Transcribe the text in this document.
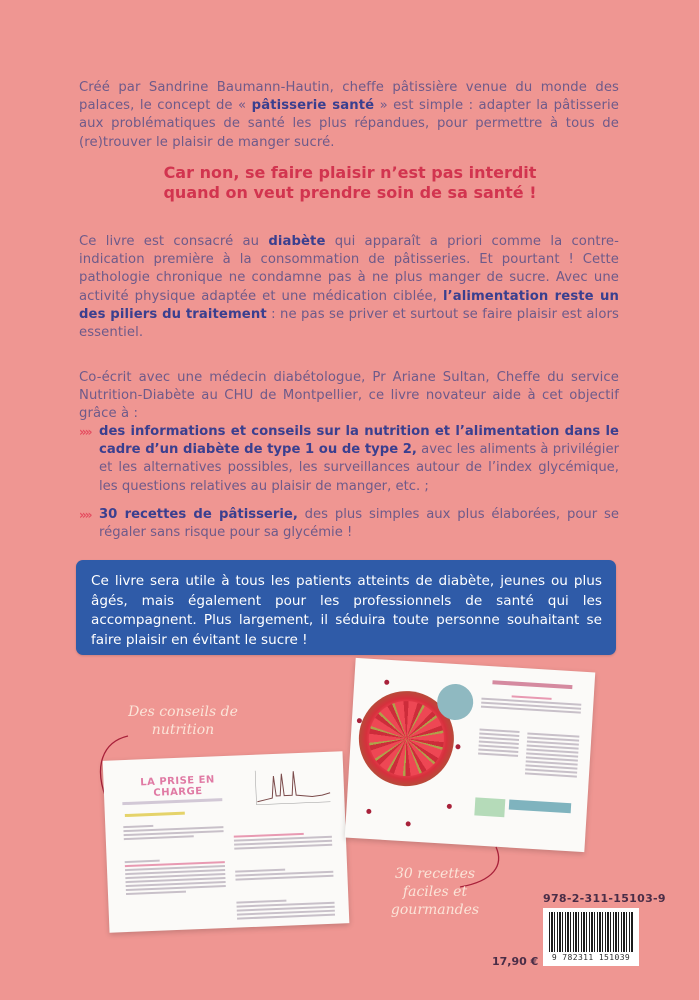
Créé par Sandrine Baumann-Hautin, cheffe pâtissière venue du monde des palaces, le concept de « pâtisserie santé » est simple : adapter la pâtisserie aux problématiques de santé les plus répandues, pour permettre à tous de (re)trouver le plaisir de manger sucré.
Car non, se faire plaisir n’est pas interdit
quand on veut prendre soin de sa santé !
Ce livre est consacré au diabète qui apparaît a priori comme la contre-indication première à la consommation de pâtisseries. Et pourtant ! Cette pathologie chronique ne condamne pas à ne plus manger de sucre. Avec une activité physique adaptée et une médication ciblée, l’alimentation reste un des piliers du traitement : ne pas se priver et surtout se faire plaisir est alors essentiel.
Co-écrit avec une médecin diabétologue, Pr Ariane Sultan, Cheffe du service Nutrition-Diabète au CHU de Montpellier, ce livre novateur aide à cet objectif grâce à :
»» des informations et conseils sur la nutrition et l’alimentation dans le cadre d’un diabète de type 1 ou de type 2, avec les aliments à privilégier et les alternatives possibles, les surveillances autour de l’index glycémique, les questions relatives au plaisir de manger, etc. ;
»» 30 recettes de pâtisserie, des plus simples aux plus élaborées, pour se régaler sans risque pour sa glycémie !
Ce livre sera utile à tous les patients atteints de diabète, jeunes ou plus âgés, mais également pour les professionnels de santé qui les accompagnent. Plus largement, il séduira toute personne souhaitant se faire plaisir en évitant le sucre !
Des conseils de nutrition
LA PRISE EN CHARGE

30 recettes faciles et gourmandes
978-2-311-15103-9
9 782311 151039
17,90 €
